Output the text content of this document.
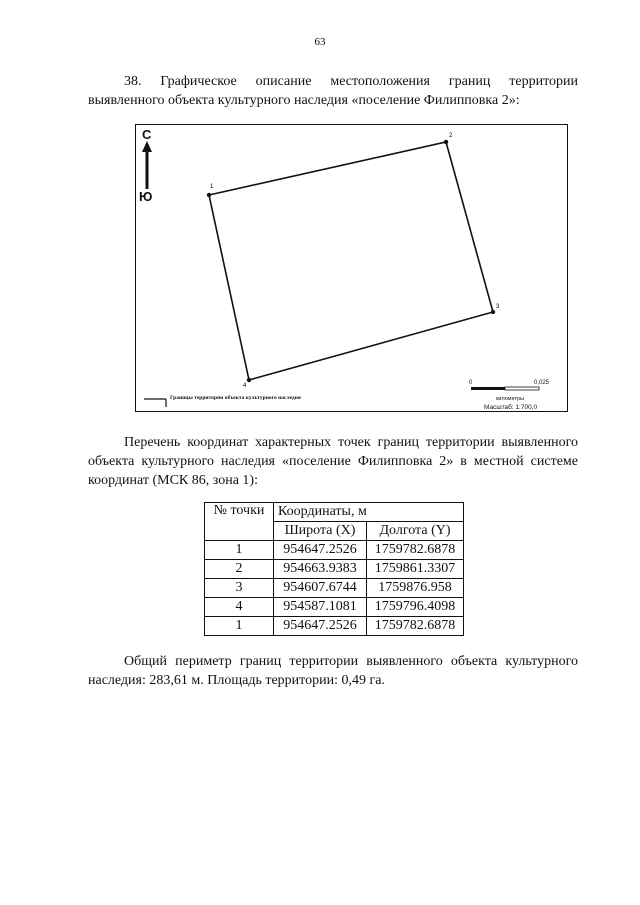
63
38. Графическое описание местоположения границ территории выявленного объекта культурного наследия «поселение Филипповка 2»:
1
2
3
4
С
Ю
Границы территории объекта культурного наследия
0	0,025
километры
Масштаб: 1:700,0
Перечень координат характерных точек границ территории выявленного объекта культурного наследия «поселение Филипповка 2» в местной системе координат (МСК 86, зона 1):
№ точки	Координаты, м	
	Широта (X)	Долгота (Y)
1	954647.2526	1759782.6878
2	954663.9383	1759861.3307
3	954607.6744	1759876.958
4	954587.1081	1759796.4098
1	954647.2526	1759782.6878
Общий периметр границ территории выявленного объекта культурного наследия: 283,61 м. Площадь территории: 0,49 га.
